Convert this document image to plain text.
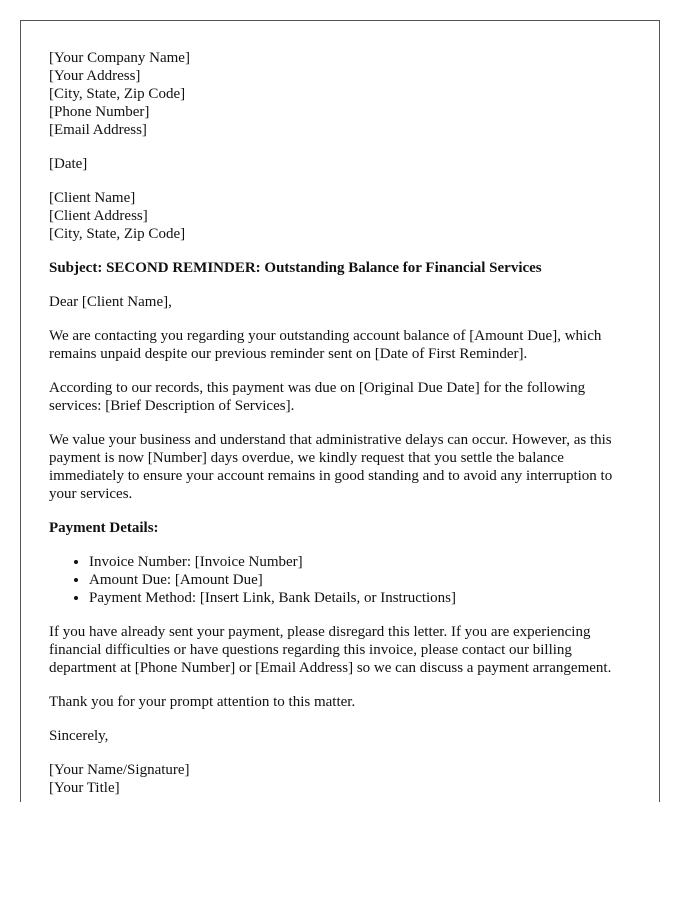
[Your Company Name]
[Your Address]
[City, State, Zip Code]
[Phone Number]
[Email Address]
[Date]
[Client Name]
[Client Address]
[City, State, Zip Code]
Subject: SECOND REMINDER: Outstanding Balance for Financial Services
Dear [Client Name],

We are contacting you regarding your outstanding account balance of [Amount Due], which remains unpaid despite our previous reminder sent on [Date of First Reminder].

According to our records, this payment was due on [Original Due Date] for the following services: [Brief Description of Services].

We value your business and understand that administrative delays can occur. However, as this payment is now [Number] days overdue, we kindly request that you settle the balance immediately to ensure your account remains in good standing and to avoid any interruption to your services.

Payment Details:
• Invoice Number: [Invoice Number]
• Amount Due: [Amount Due]
• Payment Method: [Insert Link, Bank Details, or Instructions]

If you have already sent your payment, please disregard this letter. If you are experiencing financial difficulties or have questions regarding this invoice, please contact our billing department at [Phone Number] or [Email Address] so we can discuss a payment arrangement.

Thank you for your prompt attention to this matter.

Sincerely,

[Your Name/Signature]
[Your Title]
